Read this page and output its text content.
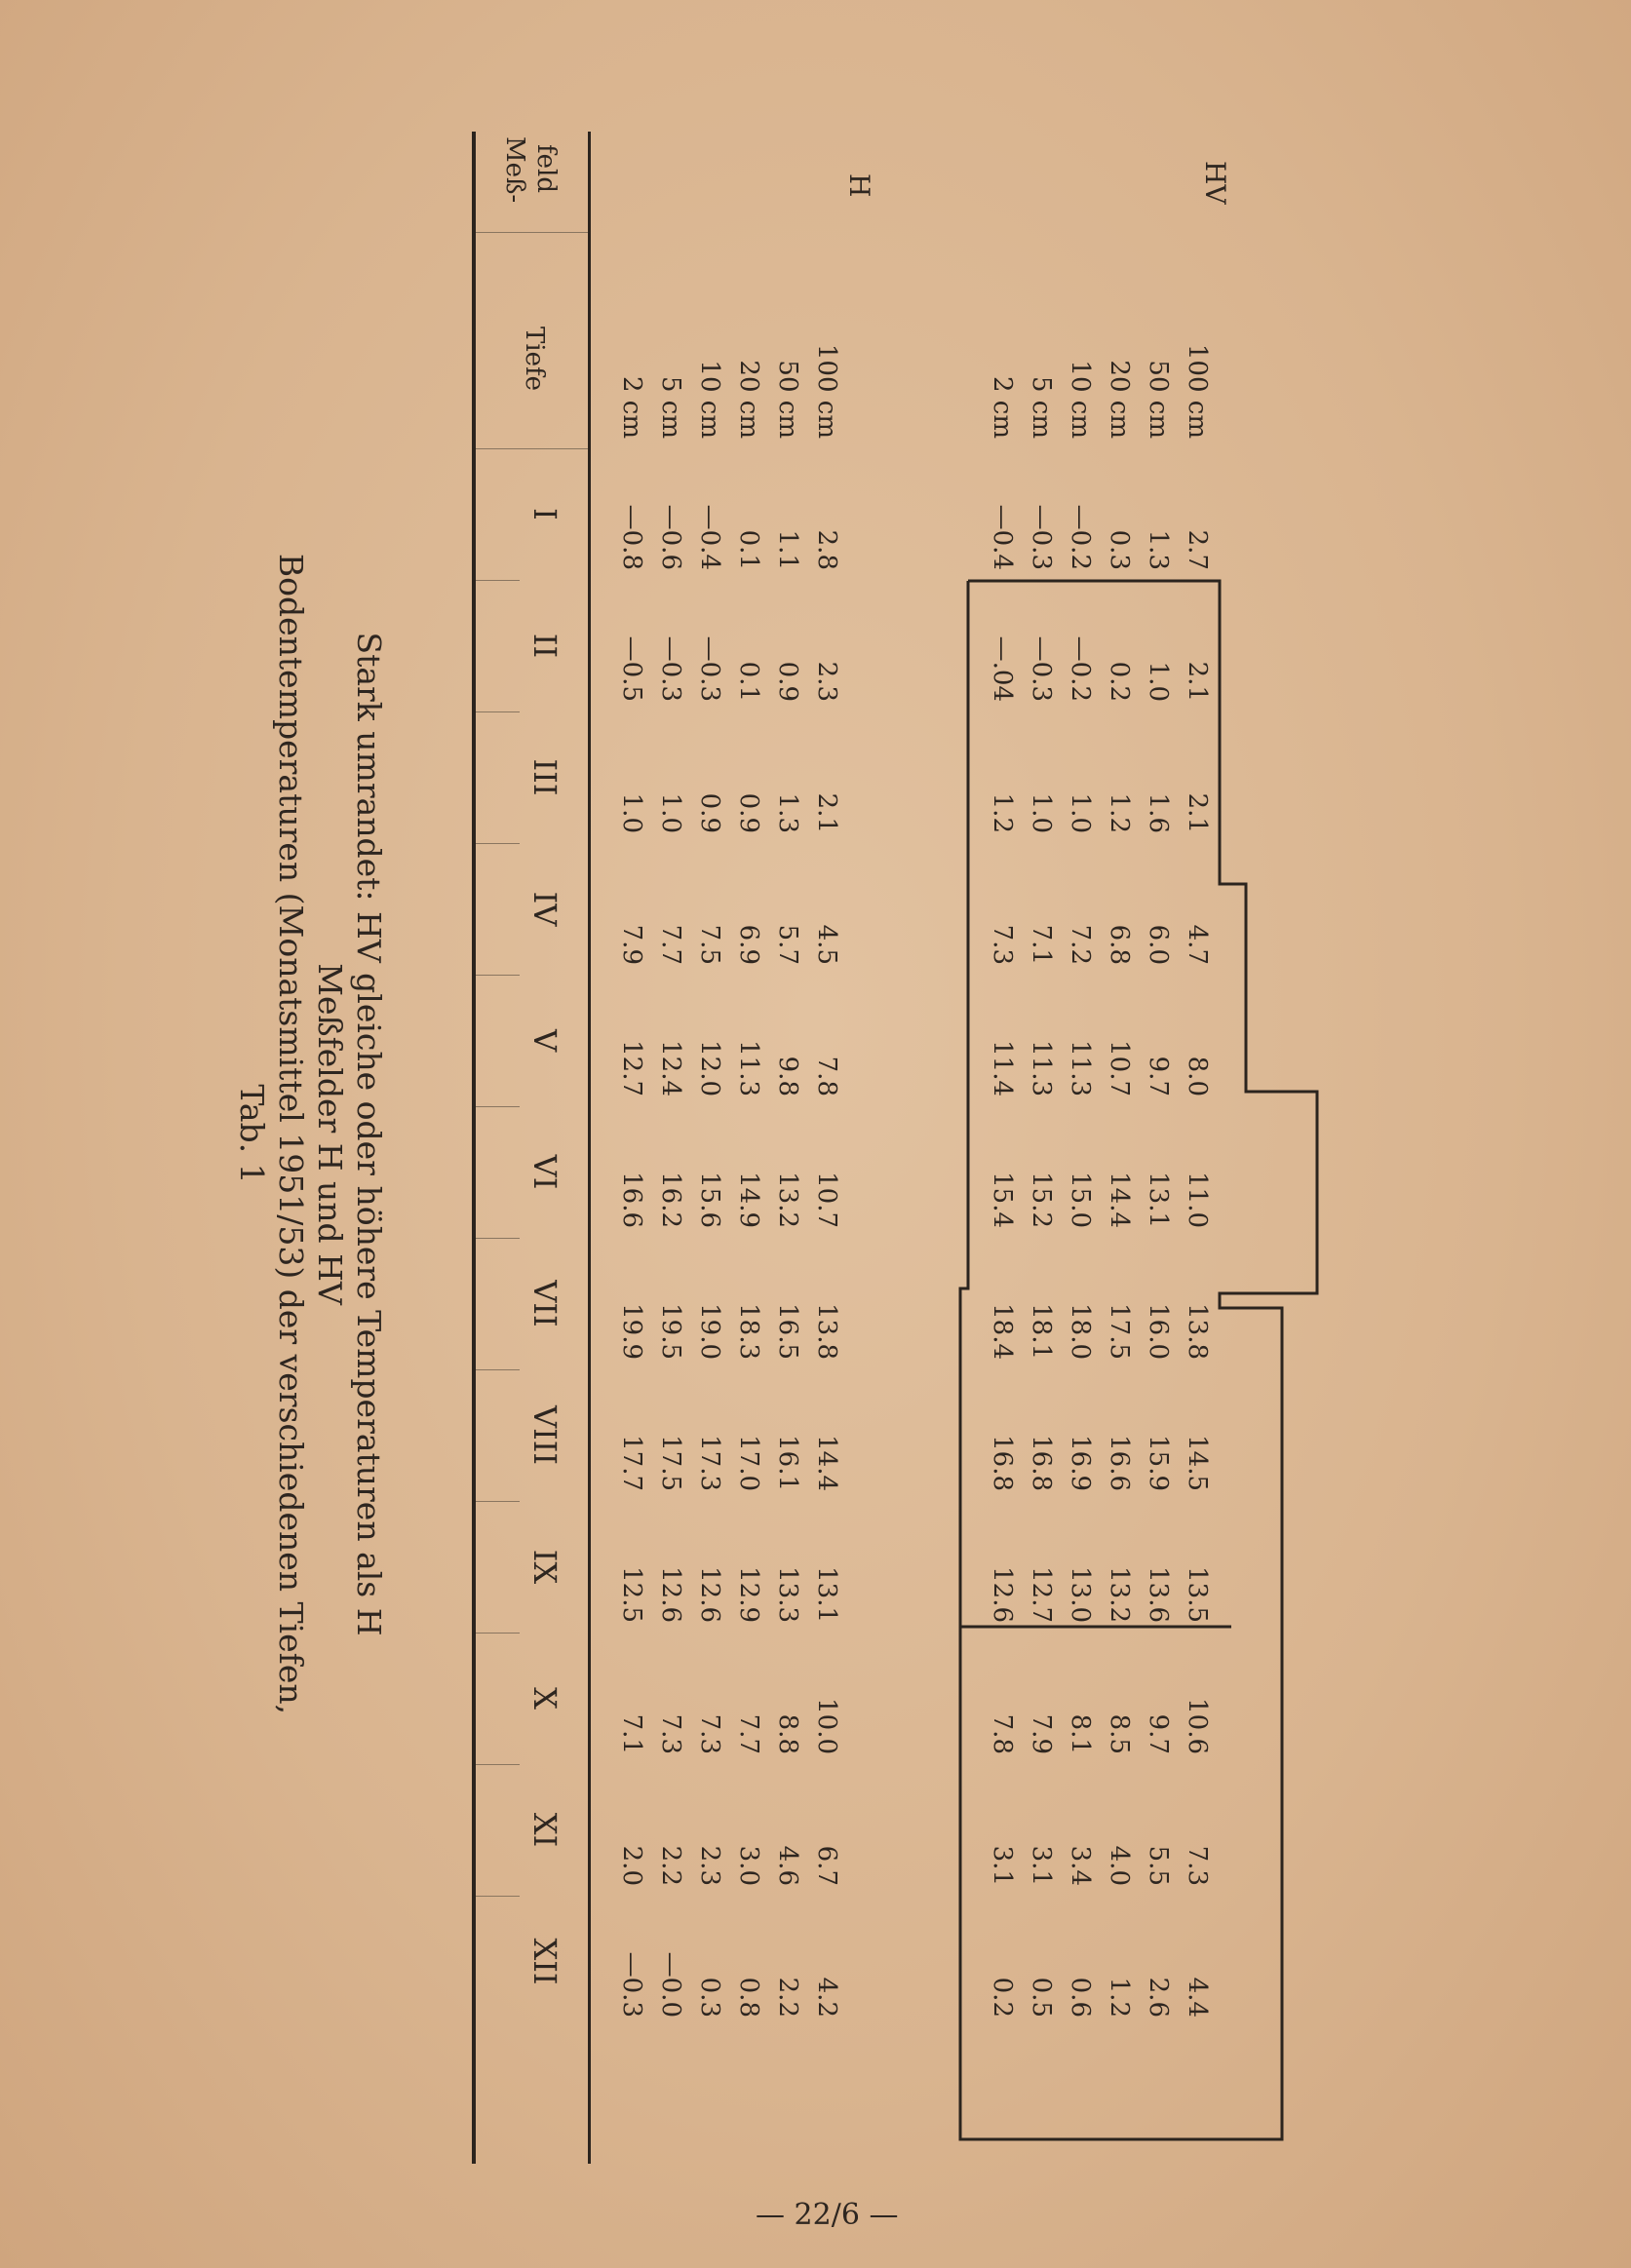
Tab. 1 Bodentemperaturen (Monatsmittel 1951/53) der verschiedenen Tiefen, Meßfelder H und HV Stark umrandet: HV gleiche oder höhere Temperaturen als H
Meß- feld
Tiefe
I
II
III
IV
V
VI
VII
VIII
IX
X
XI
XII
2 cm
—0.8
—0.5
1.0
7.9
12.7
16.6
19.9
17.7
12.5
7.1
2.0
—0.3
5 cm
—0.6
—0.3
1.0
7.7
12.4
16.2
19.5
17.5
12.6
7.3
2.2
—0.0
10 cm
—0.4
—0.3
0.9
7.5
12.0
15.6
19.0
17.3
12.6
7.3
2.3
0.3
20 cm
0.1
0.1
0.9
6.9
11.3
14.9
18.3
17.0
12.9
7.7
3.0
0.8
50 cm
1.1
0.9
1.3
5.7
9.8
13.2
16.5
16.1
13.3
8.8
4.6
2.2
100 cm
2.8
2.3
2.1
4.5
7.8
10.7
13.8
14.4
13.1
10.0
6.7
4.2
2 cm
—0.4
—.04
1.2
7.3
11.4
15.4
18.4
16.8
12.6
7.8
3.1
0.2
5 cm
—0.3
—0.3
1.0
7.1
11.3
15.2
18.1
16.8
12.7
7.9
3.1
0.5
10 cm
—0.2
—0.2
1.0
7.2
11.3
15.0
18.0
16.9
13.0
8.1
3.4
0.6
20 cm
0.3
0.2
1.2
6.8
10.7
14.4
17.5
16.6
13.2
8.5
4.0
1.2
50 cm
1.3
1.0
1.6
6.0
9.7
13.1
16.0
15.9
13.6
9.7
5.5
2.6
100 cm
2.7
2.1
2.1
4.7
8.0
11.0
13.8
14.5
13.5
10.6
7.3
4.4
H	HV
— 22/6 —
